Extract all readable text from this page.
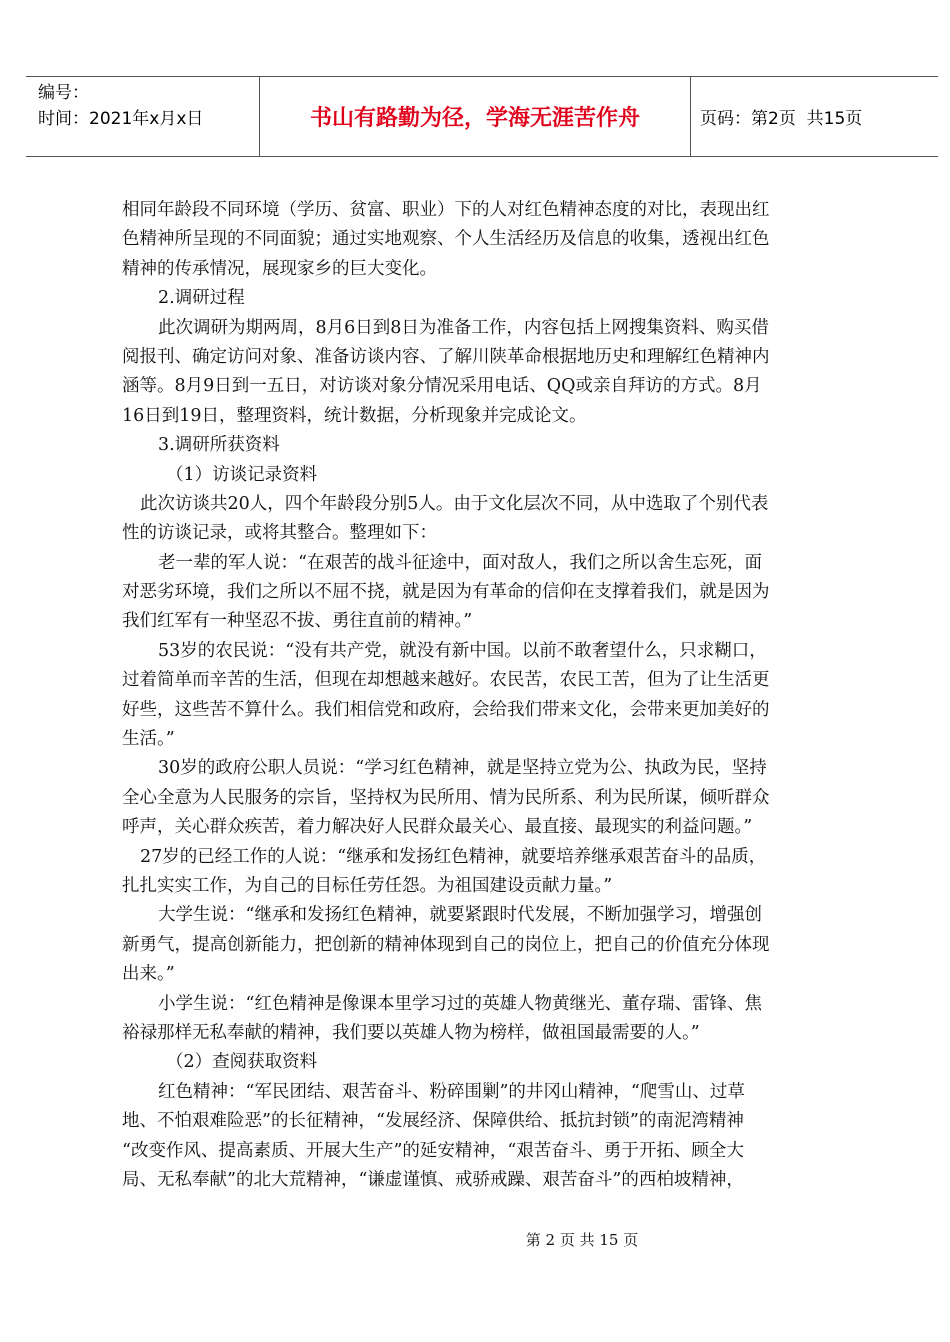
编号：
时间：2021年x月x日	书山有路勤为径，学海无涯苦作舟	页码：第2页  共15页
相同年龄段不同环境（学历、贫富、职业）下的人对红色精神态度的对比，表现出红
色精神所呈现的不同面貌；通过实地观察、个人生活经历及信息的收集，透视出红色
精神的传承情况，展现家乡的巨大变化。
2.调研过程
此次调研为期两周，8月6日到8日为准备工作，内容包括上网搜集资料、购买借
阅报刊、确定访问对象、准备访谈内容、了解川陕革命根据地历史和理解红色精神内
涵等。8月9日到一五日，对访谈对象分情况采用电话、QQ或亲自拜访的方式。8月
16日到19日，整理资料，统计数据，分析现象并完成论文。
3.调研所获资料
（1）访谈记录资料
此次访谈共20人，四个年龄段分别5人。由于文化层次不同，从中选取了个别代表
性的访谈记录，或将其整合。整理如下：
老一辈的军人说：“在艰苦的战斗征途中，面对敌人，我们之所以舍生忘死，面
对恶劣环境，我们之所以不屈不挠，就是因为有革命的信仰在支撑着我们，就是因为
我们红军有一种坚忍不拔、勇往直前的精神。”
53岁的农民说：“没有共产党，就没有新中国。以前不敢奢望什么，只求糊口，
过着简单而辛苦的生活，但现在却想越来越好。农民苦，农民工苦，但为了让生活更
好些，这些苦不算什么。我们相信党和政府，会给我们带来文化，会带来更加美好的
生活。”
30岁的政府公职人员说：“学习红色精神，就是坚持立党为公、执政为民，坚持
全心全意为人民服务的宗旨，坚持权为民所用、情为民所系、利为民所谋，倾听群众
呼声，关心群众疾苦，着力解决好人民群众最关心、最直接、最现实的利益问题。”
27岁的已经工作的人说：“继承和发扬红色精神，就要培养继承艰苦奋斗的品质，
扎扎实实工作，为自己的目标任劳任怨。为祖国建设贡献力量。”
大学生说：“继承和发扬红色精神，就要紧跟时代发展，不断加强学习，增强创
新勇气，提高创新能力，把创新的精神体现到自己的岗位上，把自己的价值充分体现
出来。”
小学生说：“红色精神是像课本里学习过的英雄人物黄继光、董存瑞、雷锋、焦
裕禄那样无私奉献的精神，我们要以英雄人物为榜样，做祖国最需要的人。”
（2）查阅获取资料
红色精神：“军民团结、艰苦奋斗、粉碎围剿”的井冈山精神，“爬雪山、过草
地、不怕艰难险恶”的长征精神，“发展经济、保障供给、抵抗封锁”的南泥湾精神
“改变作风、提高素质、开展大生产”的延安精神，“艰苦奋斗、勇于开拓、顾全大
局、无私奉献”的北大荒精神，“谦虚谨慎、戒骄戒躁、艰苦奋斗”的西柏坡精神，
第 2 页 共 15 页
